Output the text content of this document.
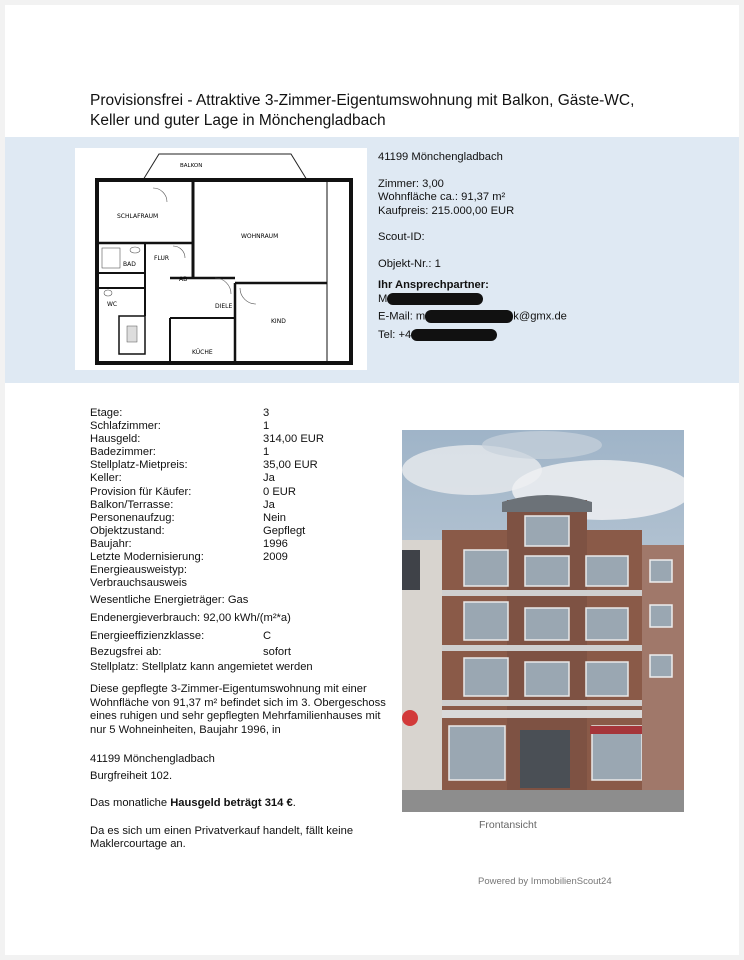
Provisionsfrei - Attraktive 3-Zimmer-Eigentumswohnung mit Balkon, Gäste-WC, Keller und guter Lage in Mönchengladbach
BALKON
SCHLAFRAUM
WOHNRAUM
BAD
FLUR
AB
WC	DIELE
KIND
KÜCHE
41199 Mönchengladbach
Zimmer: 3,00
Wohnfläche ca.: 91,37 m²
Kaufpreis: 215.000,00 EUR
Scout-ID:
Objekt-Nr.: 1
Ihr Ansprechpartner:
M
E-Mail: m	k@gmx.de
Tel: +4
Etage:	3
Schlafzimmer:	1
Hausgeld:	314,00 EUR
Badezimmer:	1
Stellplatz-Mietpreis:	35,00 EUR
Keller:	Ja
Provision für Käufer:	0 EUR
Balkon/Terrasse:	Ja
Personenaufzug:	Nein
Objektzustand:	Gepflegt
Baujahr:	1996
Letzte Modernisierung:	2009
Energieausweistyp:
Verbrauchsausweis
Wesentliche Energieträger: Gas
Endenergieverbrauch: 92,00 kWh/(m²*a)
Energieeffizienzklasse:	C
Bezugsfrei ab:	sofort
Stellplatz: Stellplatz kann angemietet werden

Diese gepflegte 3-Zimmer-Eigentumswohnung mit einer Wohnfläche von 91,37 m² befindet sich im 3. Obergeschoss eines ruhigen und sehr gepflegten Mehrfamilienhauses mit nur 5 Wohneinheiten, Baujahr 1996, in

41199 Mönchengladbach
Burgfreiheit 102.

Das monatliche Hausgeld beträgt 314 €.

Da es sich um einen Privatverkauf handelt, fällt keine Maklercourtage an.

Frontansicht
Powered by ImmobilienScout24
